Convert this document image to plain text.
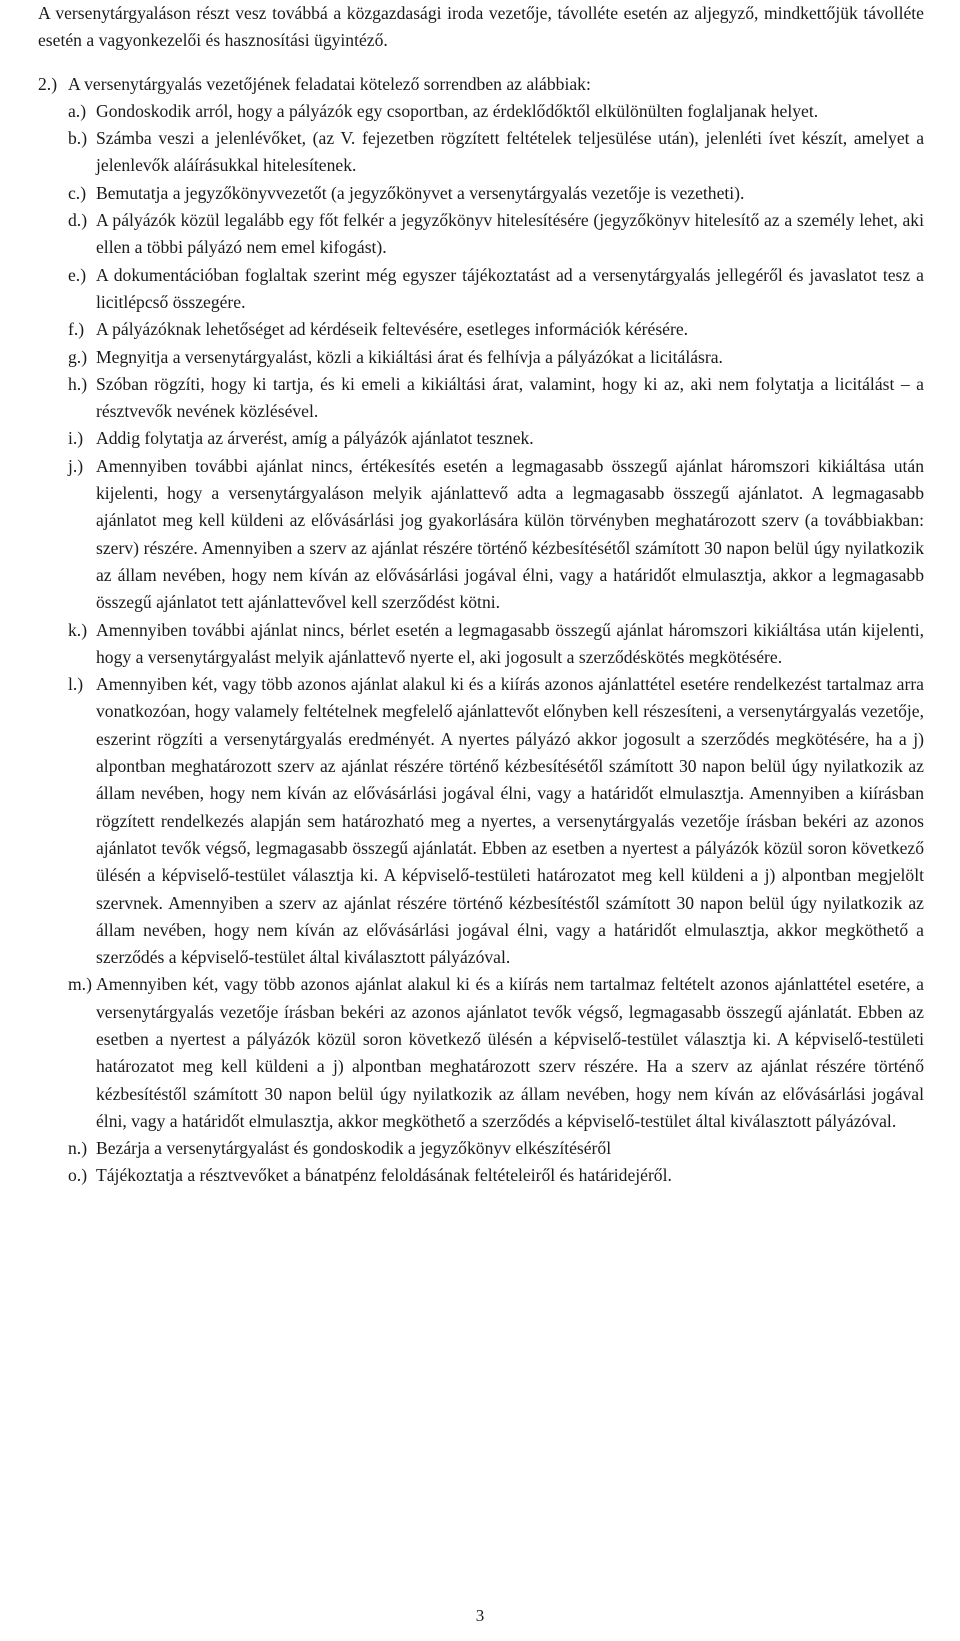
A versenytárgyaláson részt vesz továbbá a közgazdasági iroda vezetője, távolléte esetén az aljegyző, mindkettőjük távolléte esetén a vagyonkezelői és hasznosítási ügyintéző.

2.) A versenytárgyalás vezetőjének feladatai kötelező sorrendben az alábbiak:
a.) Gondoskodik arról, hogy a pályázók egy csoportban, az érdeklődőktől elkülönülten foglaljanak helyet.
b.) Számba veszi a jelenlévőket, (az V. fejezetben rögzített feltételek teljesülése után), jelenléti ívet készít, amelyet a jelenlevők aláírásukkal hitelesítenek.
c.) Bemutatja a jegyzőkönyvvezetőt (a jegyzőkönyvet a versenytárgyalás vezetője is vezetheti).
d.) A pályázók közül legalább egy főt felkér a jegyzőkönyv hitelesítésére (jegyzőkönyv hitelesítő az a személy lehet, aki ellen a többi pályázó nem emel kifogást).
e.) A dokumentációban foglaltak szerint még egyszer tájékoztatást ad a versenytárgyalás jellegéről és javaslatot tesz a licitlépcső összegére.
f.) A pályázóknak lehetőséget ad kérdéseik feltevésére, esetleges információk kérésére.
g.) Megnyitja a versenytárgyalást, közli a kikiáltási árat és felhívja a pályázókat a licitálásra.
h.) Szóban rögzíti, hogy ki tartja, és ki emeli a kikiáltási árat, valamint, hogy ki az, aki nem folytatja a licitálást – a résztvevők nevének közlésével.
i.) Addig folytatja az árverést, amíg a pályázók ajánlatot tesznek.
j.) Amennyiben további ajánlat nincs, értékesítés esetén a legmagasabb összegű ajánlat háromszori kikiáltása után kijelenti, hogy a versenytárgyaláson melyik ajánlattevő adta a legmagasabb összegű ajánlatot. A legmagasabb ajánlatot meg kell küldeni az elővásárlási jog gyakorlására külön törvényben meghatározott szerv (a továbbiakban: szerv) részére. Amennyiben a szerv az ajánlat részére történő kézbesítésétől számított 30 napon belül úgy nyilatkozik az állam nevében, hogy nem kíván az elővásárlási jogával élni, vagy a határidőt elmulasztja, akkor a legmagasabb összegű ajánlatot tett ajánlattevővel kell szerződést kötni.
k.) Amennyiben további ajánlat nincs, bérlet esetén a legmagasabb összegű ajánlat háromszori kikiáltása után kijelenti, hogy a versenytárgyalást melyik ajánlattevő nyerte el, aki jogosult a szerződéskötés megkötésére.
l.) Amennyiben két, vagy több azonos ajánlat alakul ki és a kiírás azonos ajánlattétel esetére rendelkezést tartalmaz arra vonatkozóan, hogy valamely feltételnek megfelelő ajánlattevőt előnyben kell részesíteni, a versenytárgyalás vezetője, eszerint rögzíti a versenytárgyalás eredményét. A nyertes pályázó akkor jogosult a szerződés megkötésére, ha a j) alpontban meghatározott szerv az ajánlat részére történő kézbesítésétől számított 30 napon belül úgy nyilatkozik az állam nevében, hogy nem kíván az elővásárlási jogával élni, vagy a határidőt elmulasztja. Amennyiben a kiírásban rögzített rendelkezés alapján sem határozható meg a nyertes, a versenytárgyalás vezetője írásban bekéri az azonos ajánlatot tevők végső, legmagasabb összegű ajánlatát. Ebben az esetben a nyertest a pályázók közül soron következő ülésén a képviselő-testület választja ki. A képviselő-testületi határozatot meg kell küldeni a j) alpontban megjelölt szervnek. Amennyiben a szerv az ajánlat részére történő kézbesítéstől számított 30 napon belül úgy nyilatkozik az állam nevében, hogy nem kíván az elővásárlási jogával élni, vagy a határidőt elmulasztja, akkor megköthető a szerződés a képviselő-testület által kiválasztott pályázóval.
m.) Amennyiben két, vagy több azonos ajánlat alakul ki és a kiírás nem tartalmaz feltételt azonos ajánlattétel esetére, a versenytárgyalás vezetője írásban bekéri az azonos ajánlatot tevők végső, legmagasabb összegű ajánlatát. Ebben az esetben a nyertest a pályázók közül soron következő ülésén a képviselő-testület választja ki. A képviselő-testületi határozatot meg kell küldeni a j) alpontban meghatározott szerv részére. Ha a szerv az ajánlat részére történő kézbesítéstől számított 30 napon belül úgy nyilatkozik az állam nevében, hogy nem kíván az elővásárlási jogával élni, vagy a határidőt elmulasztja, akkor megköthető a szerződés a képviselő-testület által kiválasztott pályázóval.
n.) Bezárja a versenytárgyalást és gondoskodik a jegyzőkönyv elkészítéséről
o.) Tájékoztatja a résztvevőket a bánatpénz feloldásának feltételeiről és határidejéről.
3
